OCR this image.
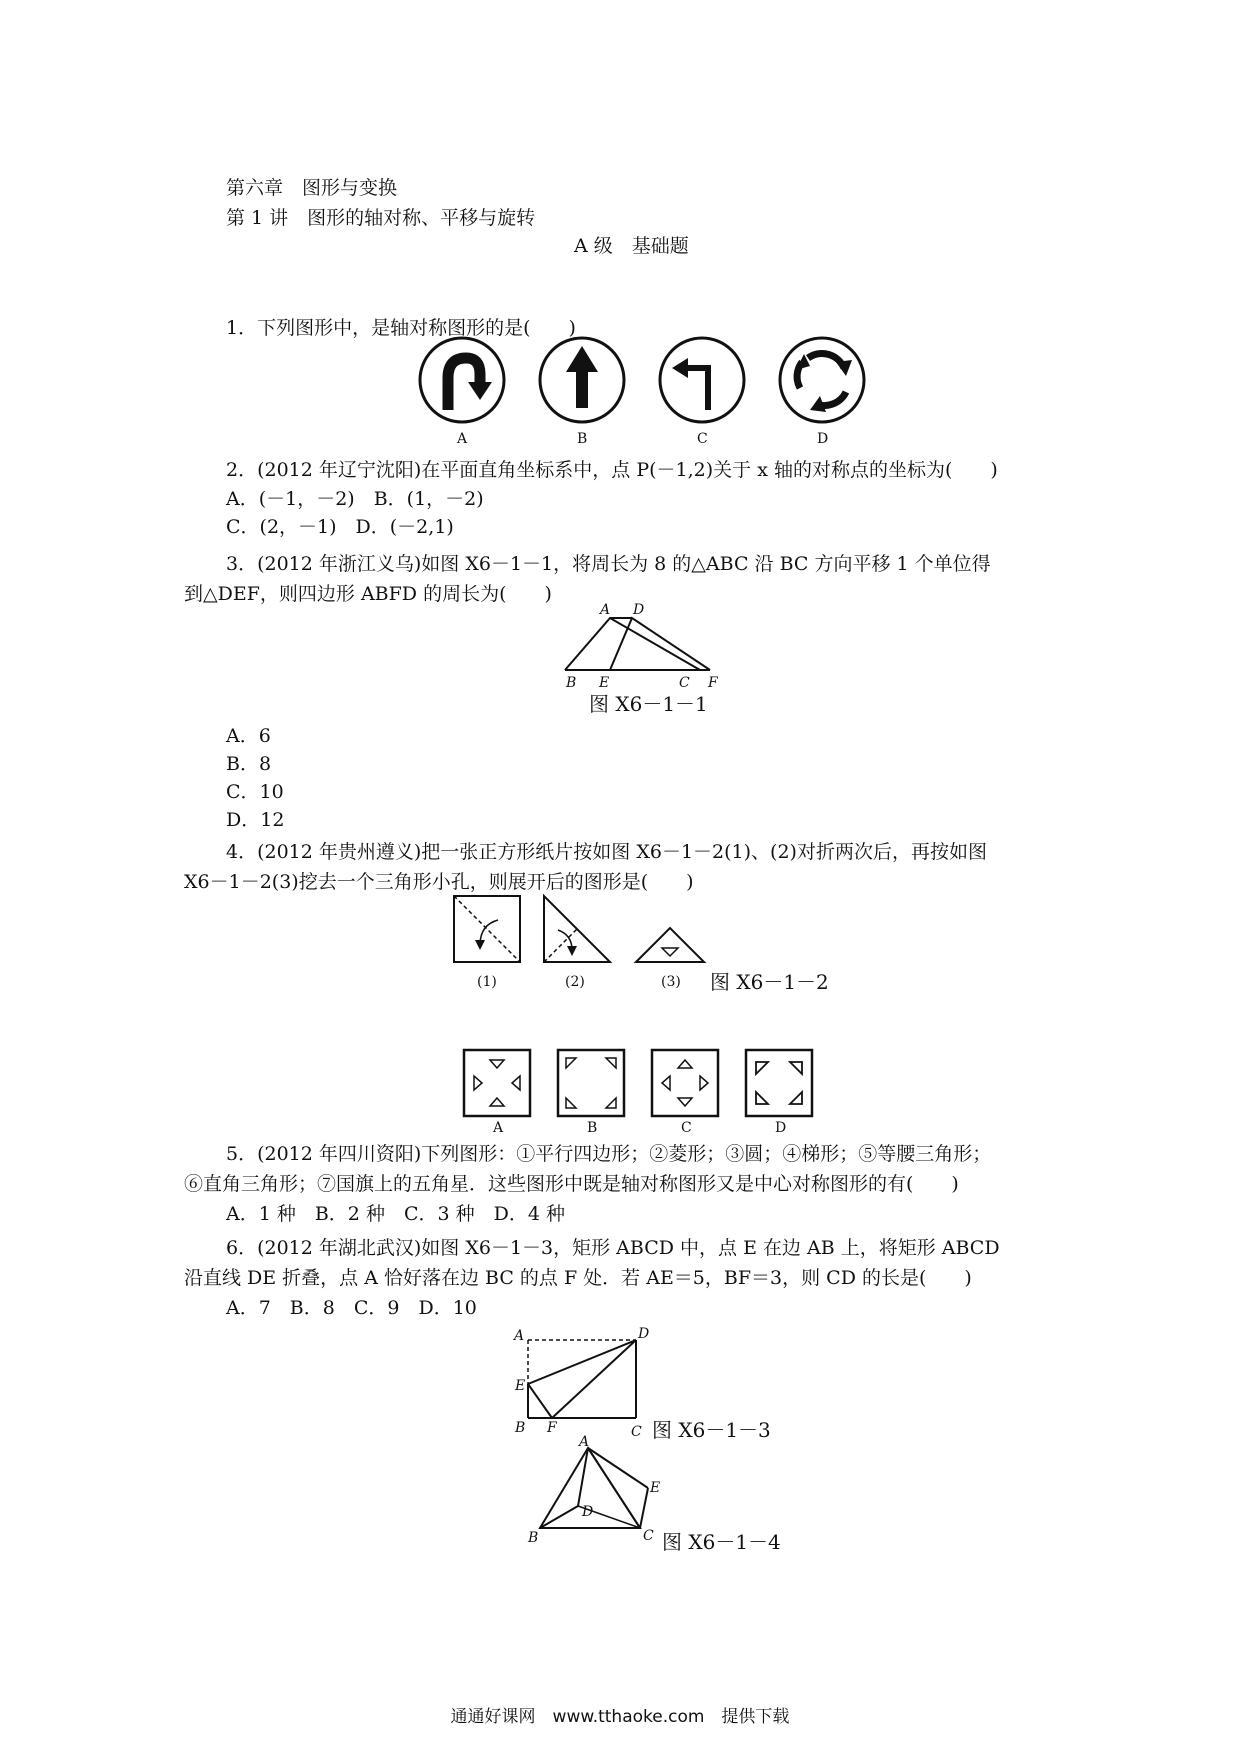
第六章　图形与变换
第 1 讲　图形的轴对称、平移与旋转
A 级　基础题
1．下列图形中，是轴对称图形的是(　　)
A	B	C	D
2．(2012 年辽宁沈阳)在平面直角坐标系中，点 P(－1,2)关于 x 轴的对称点的坐标为(　　)
A．(－1，－2)　B．(1，－2)
C．(2，－1)　D．(－2,1)
3．(2012 年浙江义乌)如图 X6－1－1，将周长为 8 的△ABC 沿 BC 方向平移 1 个单位得
到△DEF，则四边形 ABFD 的周长为(　　)
A D
B E	C F
图 X6－1－1
A．6
B．8
C．10
D．12
4．(2012 年贵州遵义)把一张正方形纸片按如图 X6－1－2(1)、(2)对折两次后，再按如图
X6－1－2(3)挖去一个三角形小孔，则展开后的图形是(　　)
(1)	(2)	(3) 图 X6－1－2
A	B	C	D
5．(2012 年四川资阳)下列图形：①平行四边形；②菱形；③圆；④梯形；⑤等腰三角形；
⑥直角三角形；⑦国旗上的五角星．这些图形中既是轴对称图形又是中心对称图形的有(　　)
A．1 种　B．2 种　C．3 种　D．4 种
6．(2012 年湖北武汉)如图 X6－1－3，矩形 ABCD 中，点 E 在边 AB 上，将矩形 ABCD
沿直线 DE 折叠，点 A 恰好落在边 BC 的点 F 处．若 AE＝5，BF＝3，则 CD 的长是(　　)
A．7　B．8　C．9　D．10
A	D
E
B F	C 图 X6－1－3
A
E
D
B	C 图 X6－1－4
通通好课网　www.tthaoke.com　提供下载
